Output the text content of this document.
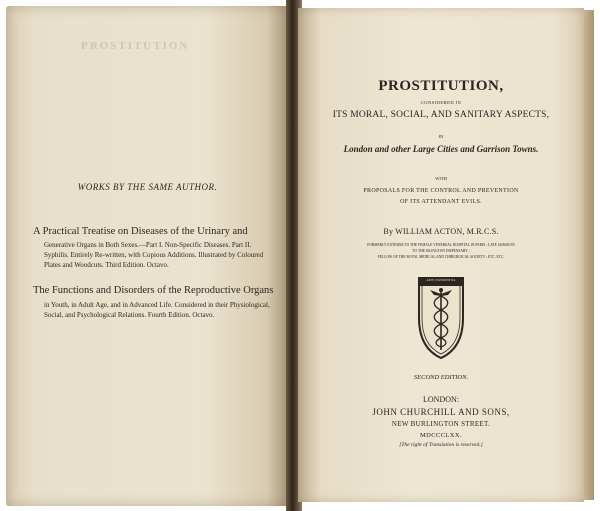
PROSTITUTION
WORKS BY THE SAME AUTHOR.
A Practical Treatise on Diseases of the Urinary and
Generative Organs in Both Sexes.—Part I. Non-Specific Diseases. Part II.
Syphilis. Entirely Re-written, with Copious Additions. Illustrated by Coloured
Plates and Woodcuts. Third Edition. Octavo.
The Functions and Disorders of the Reproductive Organs
in Youth, in Adult Age, and in Advanced Life. Considered in their Physiological,
Social, and Psychological Relations. Fourth Edition. Octavo.
PROSTITUTION,
CONSIDERED IN
ITS MORAL, SOCIAL, AND SANITARY ASPECTS,
IN
London and other Large Cities and Garrison Towns.
WITH
PROPOSALS FOR THE CONTROL AND PREVENTION
OF ITS ATTENDANT EVILS.
By WILLIAM ACTON, M.R.C.S.
FORMERLY EXTERNE TO THE FEMALE VENEREAL HOSPITAL IN PARIS ; LATE SURGEON
TO THE ISLINGTON DISPENSARY ;
FELLOW OF THE ROYAL MEDICAL AND CHIRURGICAL SOCIETY ; ETC. ETC.
ARTE EXPERIENTIA
SECOND EDITION.
LONDON:
JOHN CHURCHILL AND SONS,
NEW BURLINGTON STREET.
MDCCCLXX.
[The right of Translation is reserved.]
